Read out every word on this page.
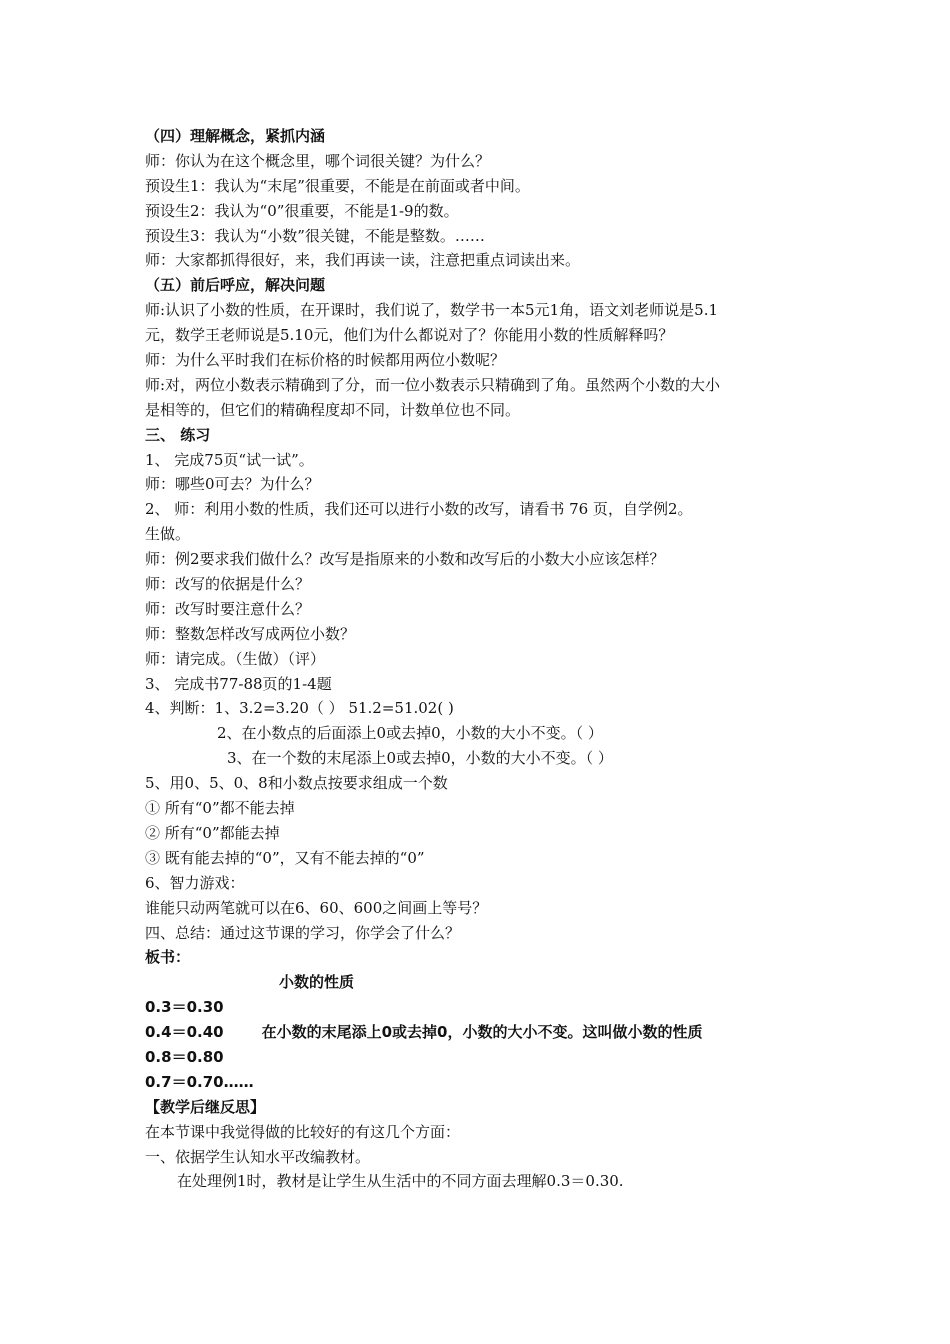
（四）理解概念，紧抓内涵
师：你认为在这个概念里，哪个词很关键？为什么？
预设生1：我认为“末尾”很重要，不能是在前面或者中间。
预设生2：我认为“0”很重要，不能是1-9的数。
预设生3：我认为“小数”很关键，不能是整数。……
师：大家都抓得很好，来，我们再读一读，注意把重点词读出来。
（五）前后呼应，解决问题
师:认识了小数的性质，在开课时，我们说了，数学书一本5元1角，语文刘老师说是5.1
元，数学王老师说是5.10元，他们为什么都说对了？你能用小数的性质解释吗？
师：为什么平时我们在标价格的时候都用两位小数呢？
师:对，两位小数表示精确到了分，而一位小数表示只精确到了角。虽然两个小数的大小
是相等的，但它们的精确程度却不同，计数单位也不同。
三、 练习
1、 完成75页“试一试”。
师：哪些0可去？为什么？
2、 师：利用小数的性质，我们还可以进行小数的改写，请看书 76 页，自学例2。
生做。
师：例2要求我们做什么？改写是指原来的小数和改写后的小数大小应该怎样？
师：改写的依据是什么？
师：改写时要注意什么？
师：整数怎样改写成两位小数？
师：请完成。（生做）（评）
3、 完成书77-88页的1-4题
4、判断：1、3.2=3.20（ ） 51.2=51.02( )
2、在小数点的后面添上0或去掉0，小数的大小不变。（ ）
3、在一个数的末尾添上0或去掉0，小数的大小不变。（ ）
5、用0、5、0、8和小数点按要求组成一个数
① 所有“0”都不能去掉
② 所有“0”都能去掉
③ 既有能去掉的“0”，又有不能去掉的“0”
6、智力游戏：
谁能只动两笔就可以在6、60、600之间画上等号？
四、总结：通过这节课的学习，你学会了什么？
板书：
小数的性质
0.3＝0.30
0.4＝0.40	在小数的末尾添上0或去掉0，小数的大小不变。这叫做小数的性质
0.8＝0.80
0.7＝0.70……
【教学后继反思】
在本节课中我觉得做的比较好的有这几个方面：
一、依据学生认知水平改编教材。
在处理例1时，教材是让学生从生活中的不同方面去理解0.3＝0.30.
